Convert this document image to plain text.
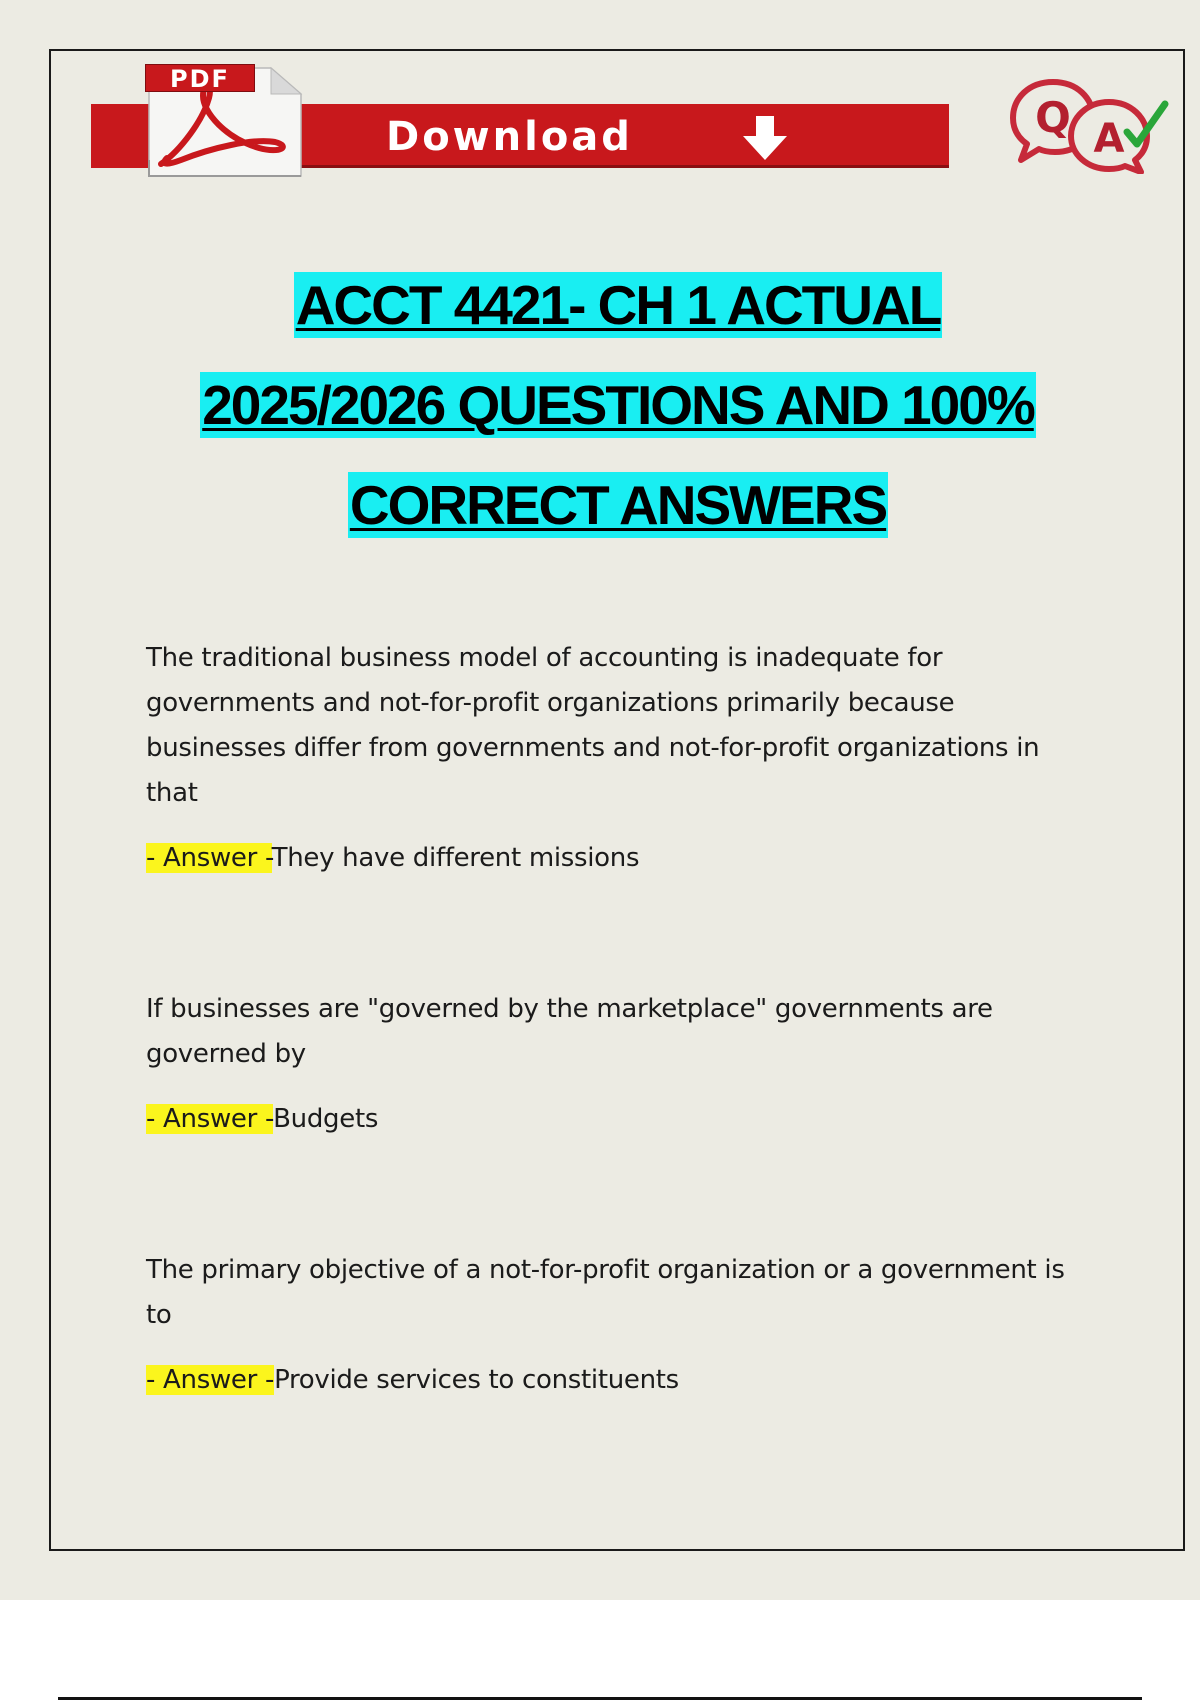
PDF
Download	Q A
ACCT 4421- CH 1 ACTUAL
2025/2026 QUESTIONS AND 100%
CORRECT ANSWERS

The traditional business model of accounting is inadequate for governments and not-for-profit organizations primarily because businesses differ from governments and not-for-profit organizations in that

- Answer -They have different missions

If businesses are "governed by the marketplace" governments are governed by

- Answer -Budgets

The primary objective of a not-for-profit organization or a government is to

- Answer -Provide services to constituents
